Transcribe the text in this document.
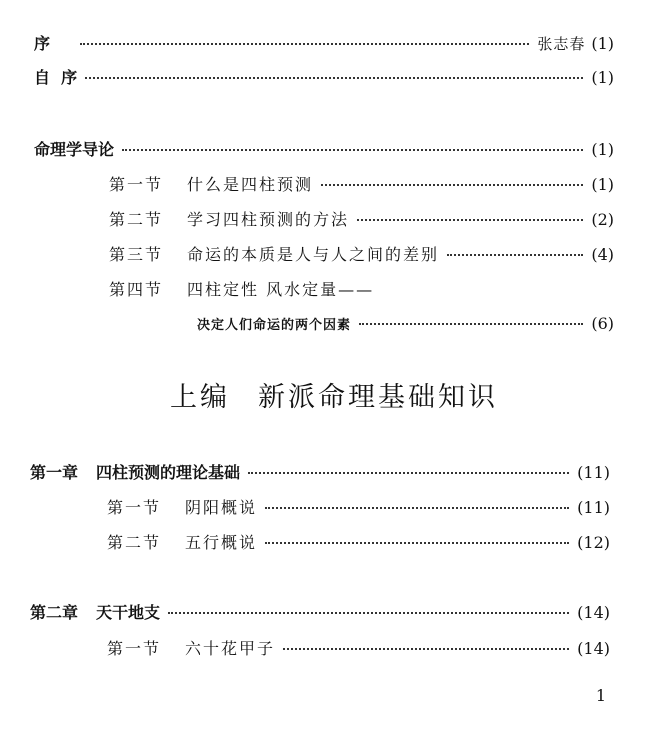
序	张志春 (1)
自  序	(1)
命理学导论	(1)
第一节 什么是四柱预测	(1)
第二节 学习四柱预测的方法	(2)
第三节 命运的本质是人与人之间的差别	(4)
第四节 四柱定性 风水定量——
决定人们命运的两个因素	(6)
上编 新派命理基础知识
第一章 四柱预测的理论基础	(11)
第一节 阴阳概说	(11)
第二节 五行概说	(12)
第二章 天干地支	(14)
第一节 六十花甲子	(14)
1
